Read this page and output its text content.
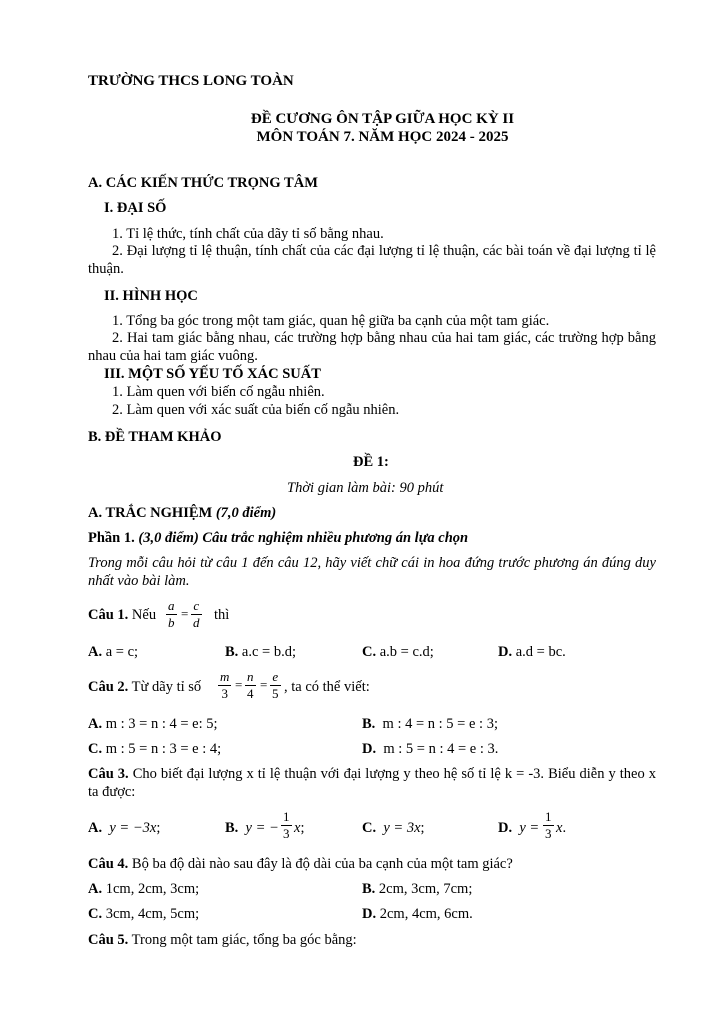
TRƯỜNG THCS LONG TOÀN
ĐỀ CƯƠNG ÔN TẬP GIỮA HỌC KỲ II
MÔN TOÁN 7. NĂM HỌC 2024 - 2025
A. CÁC KIẾN THỨC TRỌNG TÂM
I. ĐẠI SỐ
1. Tỉ lệ thức, tính chất của dãy tỉ số bằng nhau.
2. Đại lượng tỉ lệ thuận, tính chất của các đại lượng tỉ lệ thuận, các bài toán về đại lượng tỉ lệ thuận.
II. HÌNH HỌC
1. Tổng ba góc trong một tam giác, quan hệ giữa ba cạnh của một tam giác.
2. Hai tam giác bằng nhau, các trường hợp bằng nhau của hai tam giác, các trường hợp bằng nhau của hai tam giác vuông.
III. MỘT SỐ YẾU TỐ XÁC SUẤT
1. Làm quen với biến cố ngẫu nhiên.
2. Làm quen với xác suất của biến cố ngẫu nhiên.
B. ĐỀ THAM KHẢO
ĐỀ 1:
Thời gian làm bài: 90 phút
A. TRẮC NGHIỆM (7,0 điểm)
Phần 1. (3,0 điểm) Câu trắc nghiệm nhiều phương án lựa chọn
Trong mỗi câu hỏi từ câu 1 đến câu 12, hãy viết chữ cái in hoa đứng trước phương án đúng duy nhất vào bài làm.
Câu 1. Nếu
a
b
=
c
d thì
A. a = c;	B. a.c = b.d;	C. a.b = c.d;	D. a.d = bc.
Câu 2. Từ dãy tỉ số
m
3
=
n
4
=
e
5 , ta có thể viết:
A. m : 3 = n : 4 = e: 5;	B. m : 4 = n : 5 = e : 3;
C. m : 5 = n : 3 = e : 4;	D. m : 5 = n : 4 = e : 3.
Câu 3. Cho biết đại lượng x tỉ lệ thuận với đại lượng y theo hệ số tỉ lệ k = -3. Biểu diễn y theo x ta được:
A. y = −3x;	B. y = −
1
3 x;	C. y = 3x;	D. y =
1
3 x.
Câu 4. Bộ ba độ dài nào sau đây là độ dài của ba cạnh của một tam giác?
A. 1cm, 2cm, 3cm;	B. 2cm, 3cm, 7cm;
C. 3cm, 4cm, 5cm;	D. 2cm, 4cm, 6cm.
Câu 5. Trong một tam giác, tổng ba góc bằng:
